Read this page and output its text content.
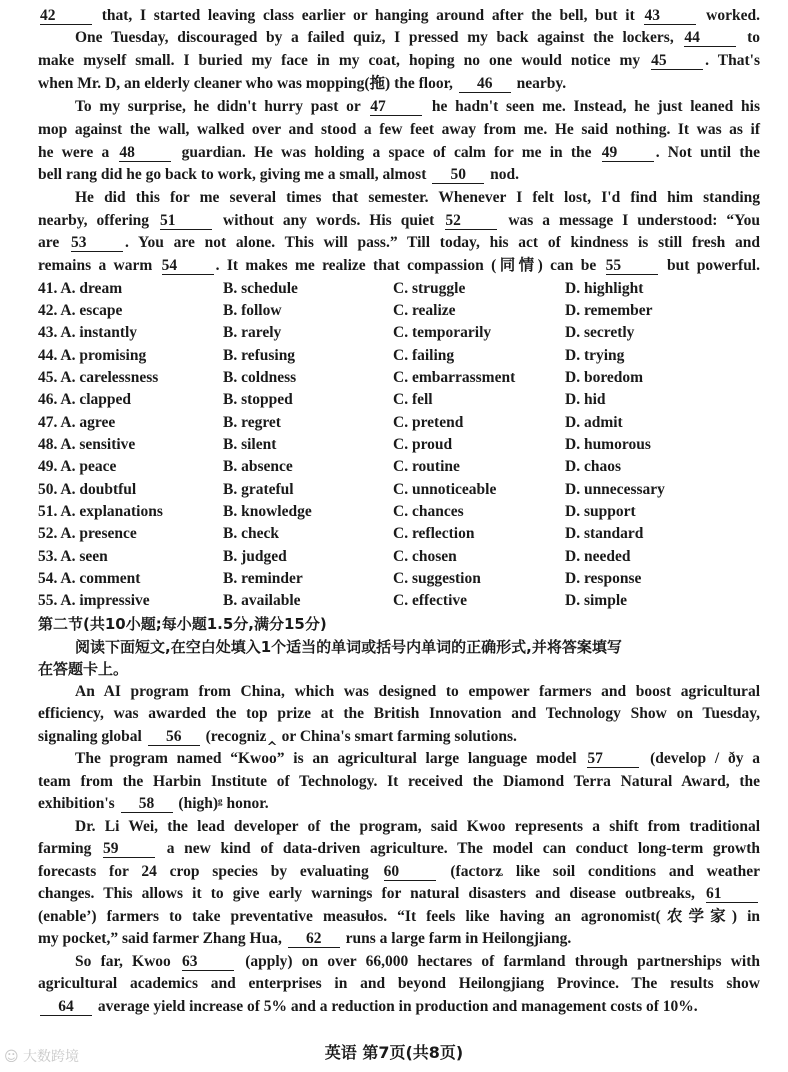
42 that, I started leaving class earlier or hanging around after the bell, but it 43 worked.
One Tuesday, discouraged by a failed quiz, I pressed my back against the lockers, 44 to
make myself small. I buried my face in my coat, hoping no one would notice my 45 . That's
when Mr. D, an elderly cleaner who was mopping(拖) the floor, 46 nearby.
To my surprise, he didn't hurry past or 47 he hadn't seen me. Instead, he just leaned his
mop against the wall, walked over and stood a few feet away from me. He said nothing. It was as if
he were a 48 guardian. He was holding a space of calm for me in the 49 . Not until the
bell rang did he go back to work, giving me a small, almost 50 nod.
He did this for me several times that semester. Whenever I felt lost, I'd find him standing
nearby, offering 51 without any words. His quiet 52 was a message I understood: “You
are 53 . You are not alone. This will pass.” Till today, his act of kindness is still fresh and
remains a warm 54 . It makes me realize that compassion (同情) can be 55 but powerful.
41. A. dream	B. schedule	C. struggle	D. highlight
42. A. escape	B. follow	C. realize	D. remember
43. A. instantly	B. rarely	C. temporarily	D. secretly
44. A. promising	B. refusing	C. failing	D. trying
45. A. carelessness	B. coldness	C. embarrassment	D. boredom
46. A. clapped	B. stopped	C. fell	D. hid
47. A. agree	B. regret	C. pretend	D. admit
48. A. sensitive	B. silent	C. proud	D. humorous
49. A. peace	B. absence	C. routine	D. chaos
50. A. doubtful	B. grateful	C. unnoticeable	D. unnecessary
51. A. explanations	B. knowledge	C. chances	D. support
52. A. presence	B. check	C. reflection	D. standard
53. A. seen	B. judged	C. chosen	D. needed
54. A. comment	B. reminder	C. suggestion	D. response
55. A. impressive	B. available	C. effective	D. simple
第二节(共10小题;每小题1.5分,满分15分)
阅读下面短文,在空白处填入1个适当的单词或括号内单词的正确形式,并将答案填写
在答题卡上。
An AI program from China, which was designed to empower farmers and boost agricultural
efficiency, was awarded the top prize at the British Innovation and Technology Show on Tuesday,
signaling global 56 (recogniz‸ or China's smart farming solutions.
The program named “Kwoo” is an agricultural large language model 57 (develop / ðy a
team from the Harbin Institute of Technology. It received the Diamond Terra Natural Award, the
exhibition's 58 (high)ᵍ honor.
Dr. Li Wei, the lead developer of the program, said Kwoo represents a shift from traditional
farming 59 a new kind of data-driven agriculture. The model can conduct long-term growth
forecasts for 24 crop species by evaluating 60 (factorʑ like soil conditions and weather
changes. This allows it to give early warnings for natural disasters and disease outbreaks, 61
(enableʼ) farmers to take preventative measułos. “It feels like having an agronomist(农学家) in
my pocket,” said farmer Zhang Hua, 62 runs a large farm in Heilongjiang.
So far, Kwoo 63 (apply) on over 66,000 hectares of farmland through partnerships with
agricultural academics and enterprises in and beyond Heilongjiang Province. The results show
64 average yield increase of 5% and a reduction in production and management costs of 10%.
英语 第7页(共8页)
☺ 大数跨境
